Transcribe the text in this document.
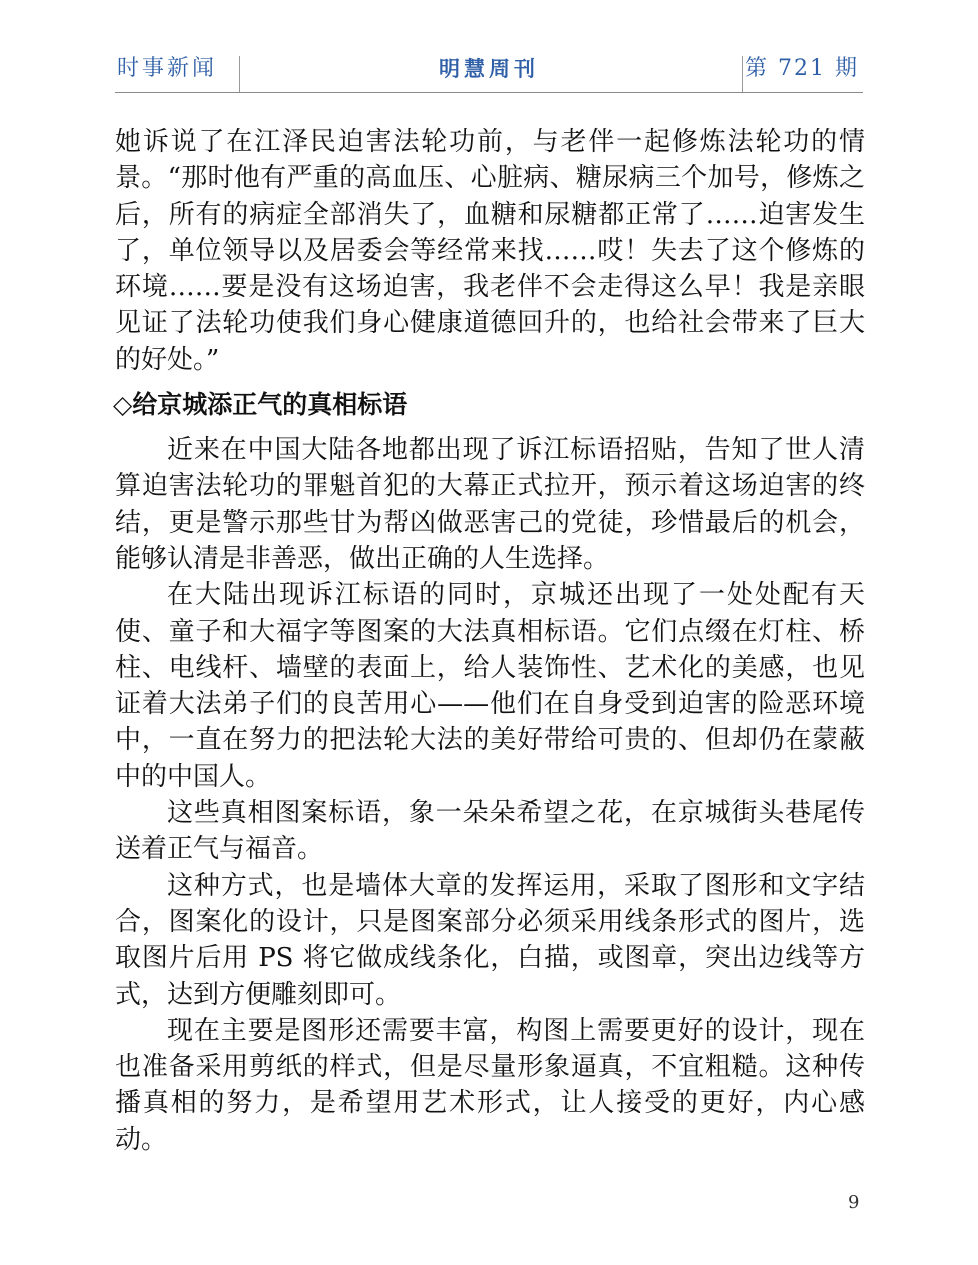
时事新闻	明慧周刊	第 721 期

她诉说了在江泽民迫害法轮功前，与老伴一起修炼法轮功的情景。“那时他有严重的高血压、心脏病、糖尿病三个加号，修炼之后，所有的病症全部消失了，血糖和尿糖都正常了……迫害发生了，单位领导以及居委会等经常来找……哎！失去了这个修炼的环境……要是没有这场迫害，我老伴不会走得这么早！我是亲眼见证了法轮功使我们身心健康道德回升的，也给社会带来了巨大的好处。”

◇给京城添正气的真相标语

近来在中国大陆各地都出现了诉江标语招贴，告知了世人清算迫害法轮功的罪魁首犯的大幕正式拉开，预示着这场迫害的终结，更是警示那些甘为帮凶做恶害己的党徒，珍惜最后的机会，能够认清是非善恶，做出正确的人生选择。

在大陆出现诉江标语的同时，京城还出现了一处处配有天使、童子和大福字等图案的大法真相标语。它们点缀在灯柱、桥柱、电线杆、墙壁的表面上，给人装饰性、艺术化的美感，也见证着大法弟子们的良苦用心——他们在自身受到迫害的险恶环境中，一直在努力的把法轮大法的美好带给可贵的、但却仍在蒙蔽中的中国人。

这些真相图案标语，象一朵朵希望之花，在京城街头巷尾传送着正气与福音。

这种方式，也是墙体大章的发挥运用，采取了图形和文字结合，图案化的设计，只是图案部分必须采用线条形式的图片，选取图片后用 PS 将它做成线条化，白描，或图章，突出边线等方式，达到方便雕刻即可。

现在主要是图形还需要丰富，构图上需要更好的设计，现在也准备采用剪纸的样式，但是尽量形象逼真，不宜粗糙。这种传播真相的努力，是希望用艺术形式，让人接受的更好，内心感动。

9
